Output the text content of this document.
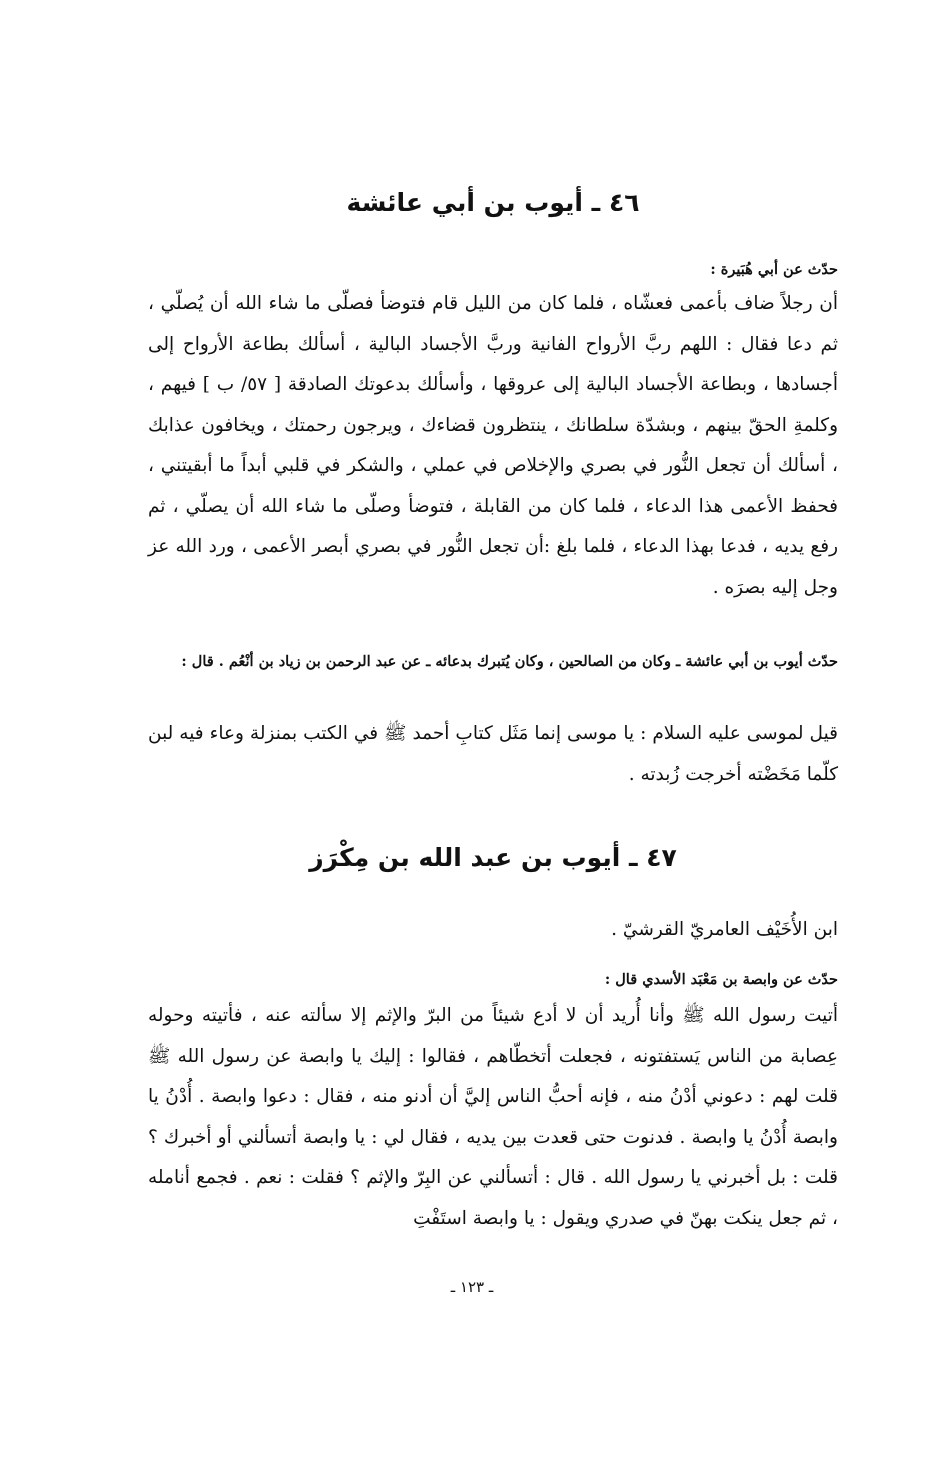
٤٦ ـ أيوب بن أبي عائشة
حدّث عن أبي هُبَيرة :
أن رجلاً ضاف بأعمى فعشّاه ، فلما كان من الليل قام فتوضأ فصلّى ما شاء الله أن يُصلّي ، ثم دعا فقال : اللهم ربَّ الأرواح الفانية وربَّ الأجساد البالية ، أسألك بطاعة الأرواح إلى أجسادها ، وبطاعة الأجساد البالية إلى عروقها ، وأسألك بدعوتك الصادقة [ ٥٧/ ب ] فيهم ، وكلمةِ الحقّ بينهم ، وبشدّة سلطانك ، ينتظرون قضاءك ، ويرجون رحمتك ، ويخافون عذابك ، أسألك أن تجعل النُّور في بصري والإخلاص في عملي ، والشكر في قلبي أبداً ما أبقيتني ، فحفظ الأعمى هذا الدعاء ، فلما كان من القابلة ، فتوضأ وصلّى ما شاء الله أن يصلّي ، ثم رفع يديه ، فدعا بهذا الدعاء ، فلما بلغ :أن تجعل النُّور في بصري أبصر الأعمى ، ورد الله عز وجل إليه بصرَه .
حدّث أيوب بن أبي عائشة ـ وكان من الصالحين ، وكان يُتبرك بدعائه ـ عن عبد الرحمن بن زياد بن أنْعُم . قال :
قيل لموسى عليه السلام : يا موسى إنما مَثَل كتابِ أحمد ﷺ في الكتب بمنزلة وعاء فيه لبن كلّما مَخَضْته أخرجت زُبدته .
٤٧ ـ أيوب بن عبد الله بن مِكْرَز
ابن الأُخَيْف العامريّ القرشيّ .
حدّث عن وابصة بن مَعْبَد الأسدي قال :
أتيت رسول الله ﷺ وأنا أُريد أن لا أدع شيئاً من البرّ والإثم إلا سألته عنه ، فأتيته وحوله عِصابة من الناس يَستفتونه ، فجعلت أتخطّاهم ، فقالوا : إليك يا وابصة عن رسول الله ﷺ قلت لهم : دعوني أدْنُ منه ، فإنه أحبُّ الناس إليَّ أن أدنو منه ، فقال : دعوا وابصة . أُدْنُ يا وابصة أُدْنُ يا وابصة . فدنوت حتى قعدت بين يديه ، فقال لي : يا وابصة أتسألني أو أخبرك ؟ قلت : بل أخبرني يا رسول الله . قال : أتسألني عن البِرّ والإثم ؟ فقلت : نعم . فجمع أنامله ، ثم جعل ينكت بهنّ في صدري ويقول : يا وابصة استَفْتِ
ـ ١٢٣ ـ
